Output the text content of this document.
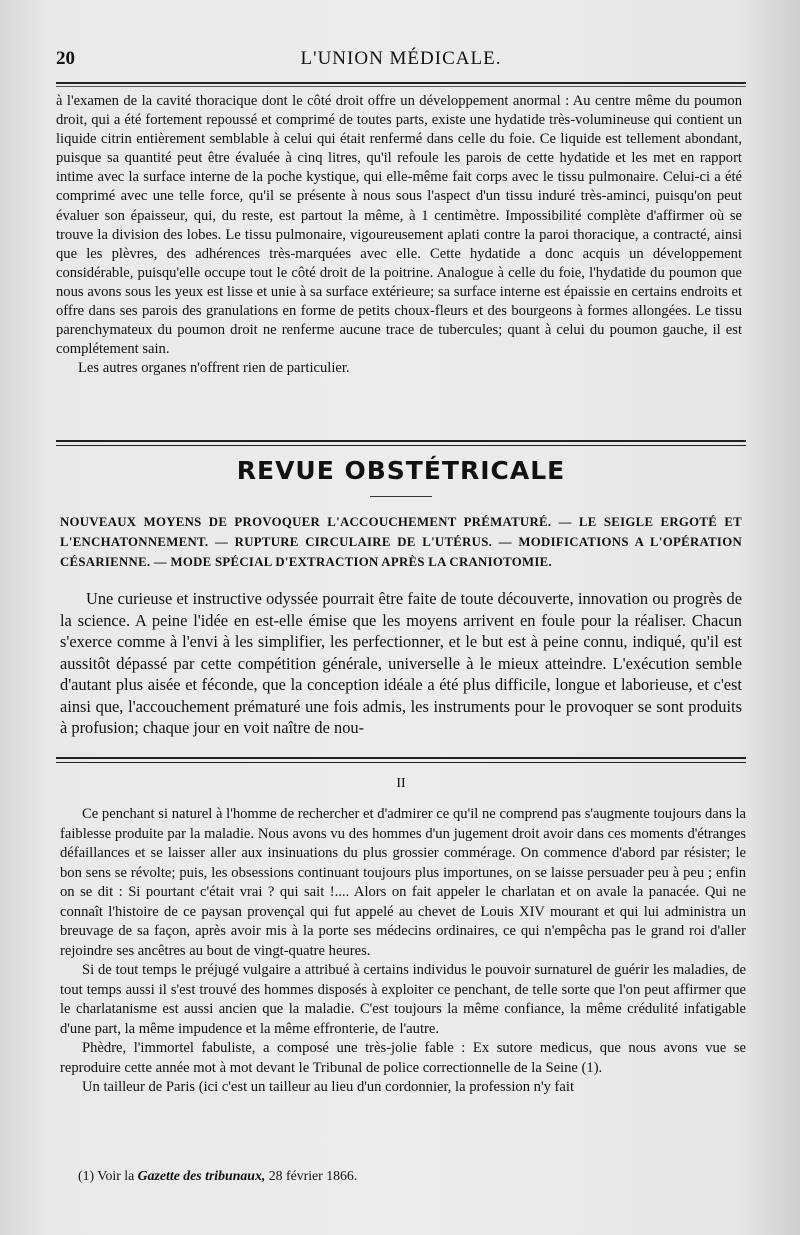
20	L'UNION MÉDICALE.

à l'examen de la cavité thoracique dont le côté droit offre un développement anormal : Au centre même du poumon droit, qui a été fortement repoussé et comprimé de toutes parts, existe une hydatide très-volumineuse qui contient un liquide citrin entièrement semblable à celui qui était renfermé dans celle du foie. Ce liquide est tellement abondant, puisque sa quantité peut être évaluée à cinq litres, qu'il refoule les parois de cette hydatide et les met en rapport intime avec la surface interne de la poche kystique, qui elle-même fait corps avec le tissu pulmonaire. Celui-ci a été comprimé avec une telle force, qu'il se présente à nous sous l'aspect d'un tissu induré très-aminci, puisqu'on peut évaluer son épaisseur, qui, du reste, est partout la même, à 1 centimètre. Impossibilité complète d'affirmer où se trouve la division des lobes. Le tissu pulmonaire, vigoureusement aplati contre la paroi thoracique, a contracté, ainsi que les plèvres, des adhérences très-marquées avec elle. Cette hydatide a donc acquis un développement considérable, puisqu'elle occupe tout le côté droit de la poitrine. Analogue à celle du foie, l'hydatide du poumon que nous avons sous les yeux est lisse et unie à sa surface extérieure; sa surface interne est épaissie en certains endroits et offre dans ses parois des granulations en forme de petits choux-fleurs et des bourgeons à formes allongées. Le tissu parenchymateux du poumon droit ne renferme aucune trace de tubercules; quant à celui du poumon gauche, il est complétement sain.

Les autres organes n'offrent rien de particulier.

REVUE OBSTÉTRICALE
NOUVEAUX MOYENS DE PROVOQUER L'ACCOUCHEMENT PRÉMATURÉ. — LE SEIGLE ERGOTÉ ET L'ENCHATONNEMENT. — RUPTURE CIRCULAIRE DE L'UTÉRUS. — MODIFICATIONS A L'OPÉRATION CÉSARIENNE. — MODE SPÉCIAL D'EXTRACTION APRÈS LA CRANIOTOMIE.

Une curieuse et instructive odyssée pourrait être faite de toute découverte, innovation ou progrès de la science. A peine l'idée en est-elle émise que les moyens arrivent en foule pour la réaliser. Chacun s'exerce comme à l'envi à les simplifier, les perfectionner, et le but est à peine connu, indiqué, qu'il est aussitôt dépassé par cette compétition générale, universelle à le mieux atteindre. L'exécution semble d'autant plus aisée et féconde, que la conception idéale a été plus difficile, longue et laborieuse, et c'est ainsi que, l'accouchement prématuré une fois admis, les instruments pour le provoquer se sont produits à profusion; chaque jour en voit naître de nou-

II

Ce penchant si naturel à l'homme de rechercher et d'admirer ce qu'il ne comprend pas s'augmente toujours dans la faiblesse produite par la maladie. Nous avons vu des hommes d'un jugement droit avoir dans ces moments d'étranges défaillances et se laisser aller aux insinuations du plus grossier commérage. On commence d'abord par résister; le bon sens se révolte; puis, les obsessions continuant toujours plus importunes, on se laisse persuader peu à peu ; enfin on se dit : Si pourtant c'était vrai ? qui sait !.... Alors on fait appeler le charlatan et on avale la panacée. Qui ne connaît l'histoire de ce paysan provençal qui fut appelé au chevet de Louis XIV mourant et qui lui administra un breuvage de sa façon, après avoir mis à la porte ses médecins ordinaires, ce qui n'empêcha pas le grand roi d'aller rejoindre ses ancêtres au bout de vingt-quatre heures.

Si de tout temps le préjugé vulgaire a attribué à certains individus le pouvoir surnaturel de guérir les maladies, de tout temps aussi il s'est trouvé des hommes disposés à exploiter ce penchant, de telle sorte que l'on peut affirmer que le charlatanisme est aussi ancien que la maladie. C'est toujours la même confiance, la même crédulité infatigable d'une part, la même impudence et la même effronterie, de l'autre.

Phèdre, l'immortel fabuliste, a composé une très-jolie fable : Ex sutore medicus, que nous avons vue se reproduire cette année mot à mot devant le Tribunal de police correctionnelle de la Seine (1).

Un tailleur de Paris (ici c'est un tailleur au lieu d'un cordonnier, la profession n'y fait

(1) Voir la Gazette des tribunaux, 28 février 1866.
